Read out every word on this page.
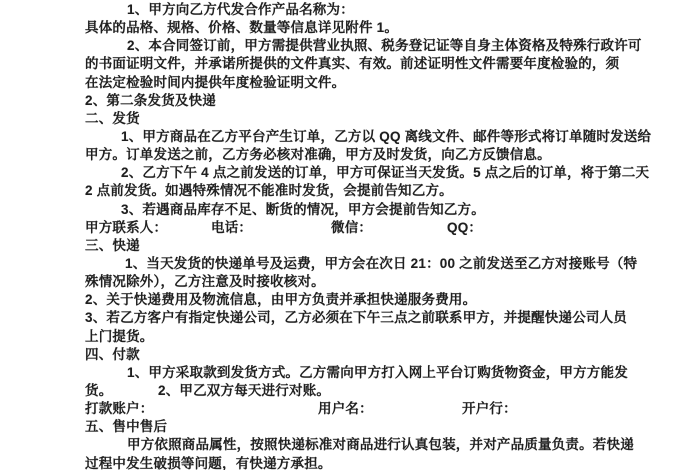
1、甲方向乙方代发合作产品名称为：
具体的品格、规格、价格、数量等信息详见附件 1。
2、本合同签订前，甲方需提供营业执照、税务登记证等自身主体资格及特殊行政许可
的书面证明文件，并承诺所提供的文件真实、有效。前述证明性文件需要年度检验的，须
在法定检验时间内提供年度检验证明文件。
2、第二条发货及快递
二、发货
1、甲方商品在乙方平台产生订单，乙方以 QQ 离线文件、邮件等形式将订单随时发送给
甲方。订单发送之前，乙方务必核对准确，甲方及时发货，向乙方反馈信息。
2、乙方下午 4 点之前发送的订单，甲方可保证当天发货。5 点之后的订单，将于第二天
2 点前发货。如遇特殊情况不能准时发货，会提前告知乙方。
3、若遇商品库存不足、断货的情况，甲方会提前告知乙方。
甲方联系人：	电话：	微信：	QQ：
三、快递
1、当天发货的快递单号及运费，甲方会在次日 21：00 之前发送至乙方对接账号（特
殊情况除外），乙方注意及时接收核对。
2、关于快递费用及物流信息，由甲方负责并承担快递服务费用。
3、若乙方客户有指定快递公司，乙方必须在下午三点之前联系甲方，并提醒快递公司人员
上门提货。
四、付款
1、甲方采取款到发货方式。乙方需向甲方打入网上平台订购货物资金，甲方方能发
货。	2、甲乙双方每天进行对账。
打款账户：	用户名：	开户行：
五、售中售后
甲方依照商品属性，按照快递标准对商品进行认真包装，并对产品质量负责。若快递
过程中发生破损等问题，有快递方承担。
